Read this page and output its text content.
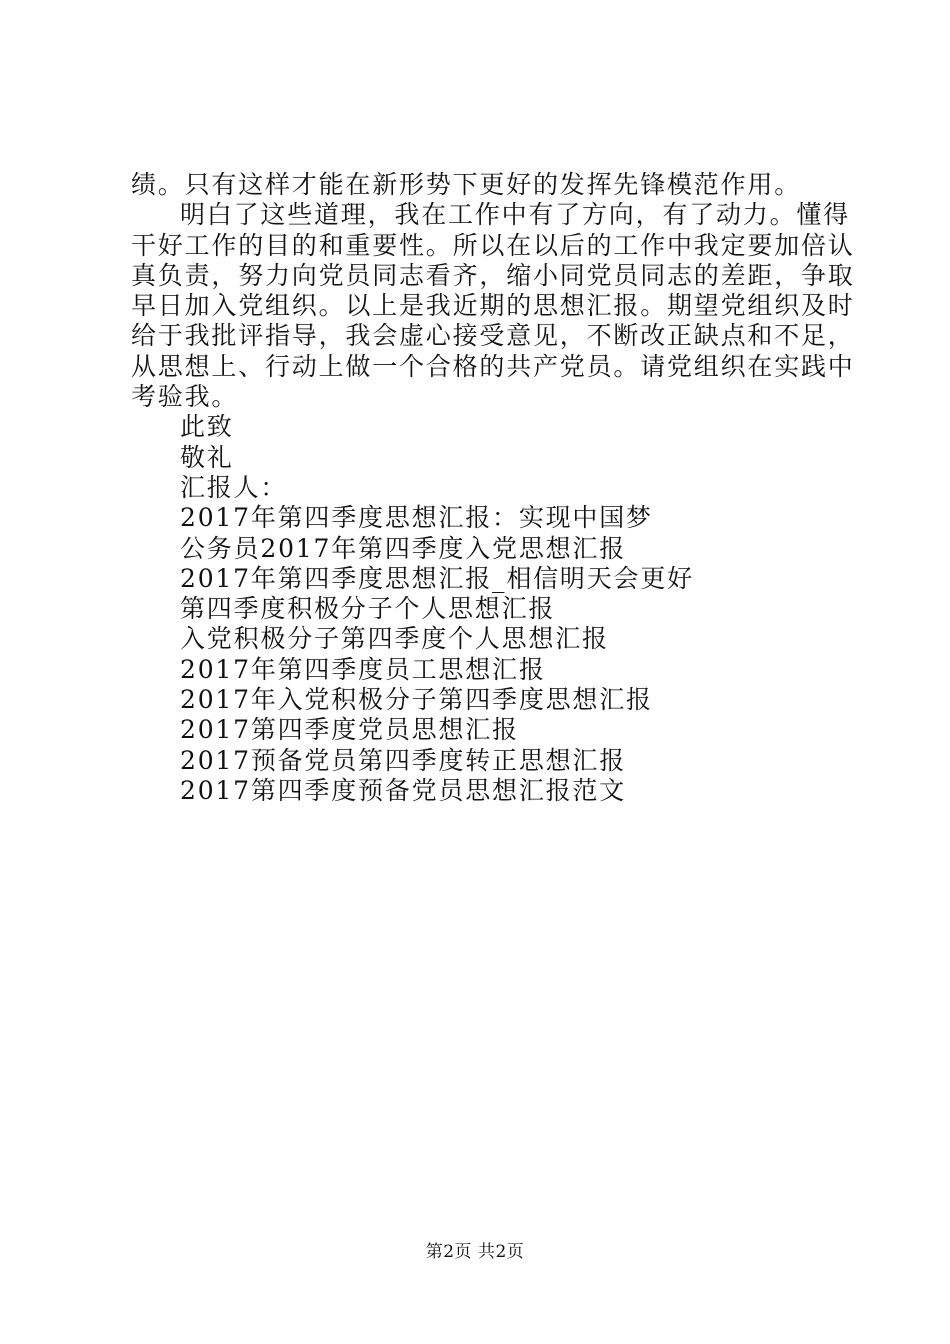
绩。只有这样才能在新形势下更好的发挥先锋模范作用。
明白了这些道理，我在工作中有了方向，有了动力。懂得
干好工作的目的和重要性。所以在以后的工作中我定要加倍认
真负责，努力向党员同志看齐，缩小同党员同志的差距，争取
早日加入党组织。以上是我近期的思想汇报。期望党组织及时
给于我批评指导，我会虚心接受意见，不断改正缺点和不足，
从思想上、行动上做一个合格的共产党员。请党组织在实践中
考验我。
此致
敬礼
汇报人：
2017年第四季度思想汇报：实现中国梦
公务员2017年第四季度入党思想汇报
2017年第四季度思想汇报_相信明天会更好
第四季度积极分子个人思想汇报
入党积极分子第四季度个人思想汇报
2017年第四季度员工思想汇报
2017年入党积极分子第四季度思想汇报
2017第四季度党员思想汇报
2017预备党员第四季度转正思想汇报
2017第四季度预备党员思想汇报范文
第2页 共2页
